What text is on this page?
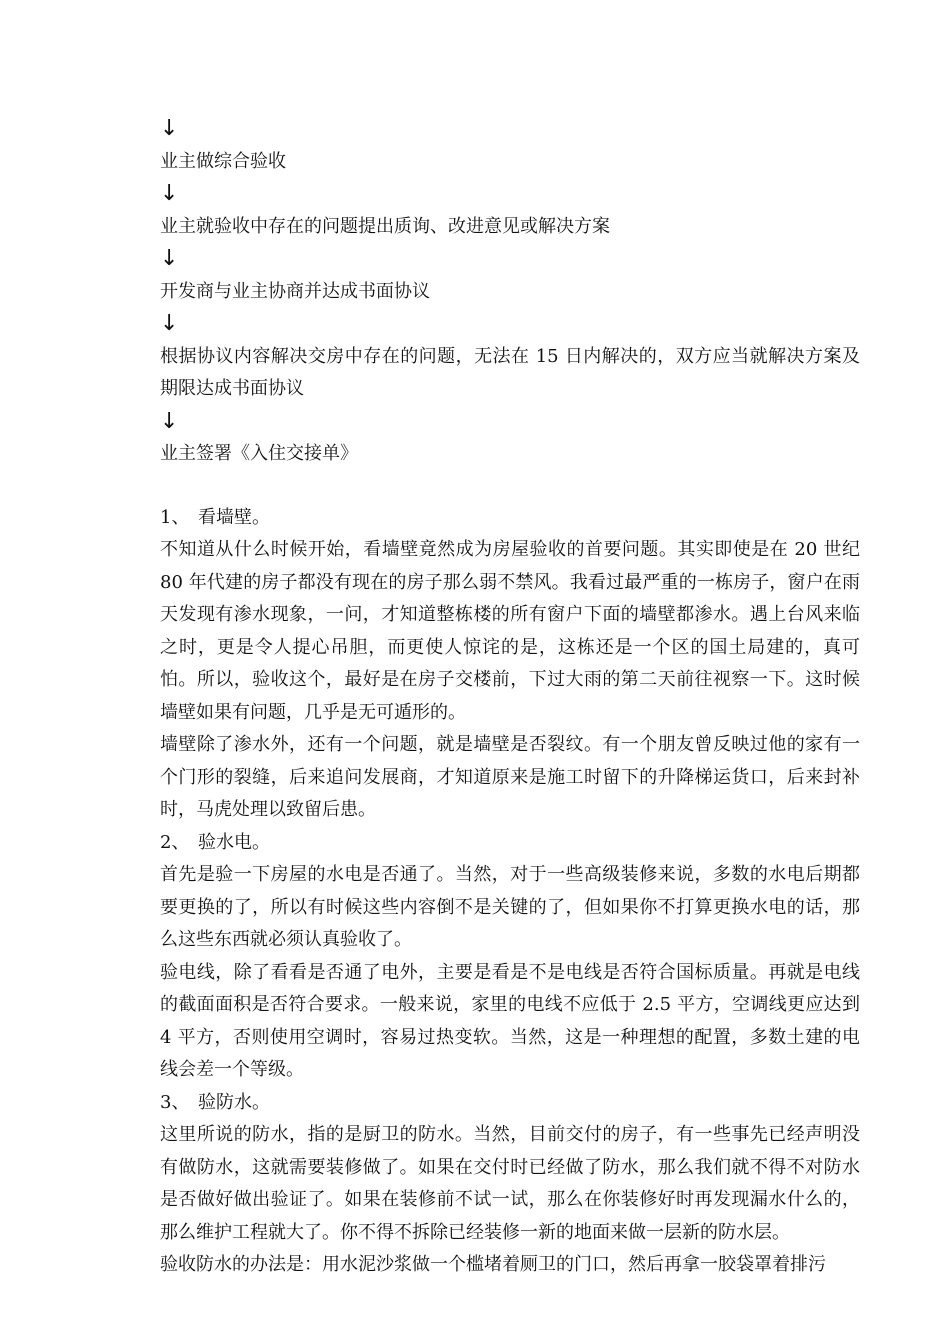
↓
业主做综合验收
↓
业主就验收中存在的问题提出质询、改进意见或解决方案
↓
开发商与业主协商并达成书面协议
↓
根据协议内容解决交房中存在的问题，无法在 15 日内解决的，双方应当就解决方案及期限达成书面协议
↓
业主签署《入住交接单》
1、 看墙壁。
不知道从什么时候开始，看墙壁竟然成为房屋验收的首要问题。其实即使是在 20 世纪 80 年代建的房子都没有现在的房子那么弱不禁风。我看过最严重的一栋房子，窗户在雨天发现有渗水现象，一问，才知道整栋楼的所有窗户下面的墙壁都渗水。遇上台风来临之时，更是令人提心吊胆，而更使人惊诧的是，这栋还是一个区的国土局建的，真可怕。所以，验收这个，最好是在房子交楼前，下过大雨的第二天前往视察一下。这时候墙壁如果有问题，几乎是无可遁形的。
墙壁除了渗水外，还有一个问题，就是墙壁是否裂纹。有一个朋友曾反映过他的家有一个门形的裂缝，后来追问发展商，才知道原来是施工时留下的升降梯运货口，后来封补时，马虎处理以致留后患。
2、 验水电。
首先是验一下房屋的水电是否通了。当然，对于一些高级装修来说，多数的水电后期都要更换的了，所以有时候这些内容倒不是关键的了，但如果你不打算更换水电的话，那么这些东西就必须认真验收了。
验电线，除了看看是否通了电外，主要是看是不是电线是否符合国标质量。再就是电线的截面面积是否符合要求。一般来说，家里的电线不应低于 2.5 平方，空调线更应达到 4 平方，否则使用空调时，容易过热变软。当然，这是一种理想的配置，多数土建的电线会差一个等级。
3、 验防水。
这里所说的防水，指的是厨卫的防水。当然，目前交付的房子，有一些事先已经声明没有做防水，这就需要装修做了。如果在交付时已经做了防水，那么我们就不得不对防水是否做好做出验证了。如果在装修前不试一试，那么在你装修好时再发现漏水什么的，那么维护工程就大了。你不得不拆除已经装修一新的地面来做一层新的防水层。
验收防水的办法是：用水泥沙浆做一个槛堵着厕卫的门口，然后再拿一胶袋罩着排污
